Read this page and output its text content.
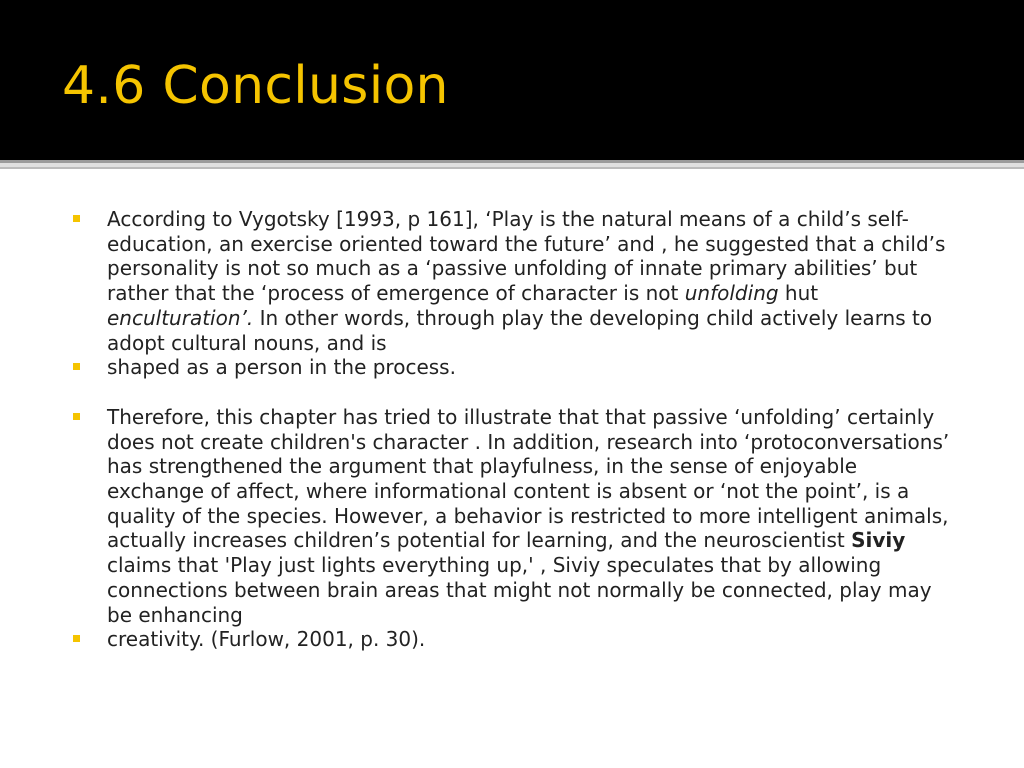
4.6 Conclusion
According to Vygotsky [1993, p 161], ‘Play is the natural means of a child’s self-education, an exercise oriented toward the future’ and , he suggested that a child’s personality is not so much as a ‘passive unfolding of innate primary abilities’ but rather that the ‘process of emergence of character is not unfolding hut enculturation’. In other words, through play the developing child actively learns to adopt cultural nouns, and is
shaped as a person in the process.
Therefore, this chapter has tried to illustrate that that passive ‘unfolding’ certainly does not create children's character . In addition, research into ‘protoconversations’ has strengthened the argument that playfulness, in the sense of enjoyable exchange of affect, where informational content is absent or ‘not the point’, is a quality of the species. However, a behavior is restricted to more intelligent animals, actually increases children’s potential for learning, and the neuroscientist Siviy claims that 'Play just lights everything up,' , Siviy speculates that by allowing connections between brain areas that might not normally be connected, play may be enhancing
creativity. (Furlow, 2001, p. 30).
